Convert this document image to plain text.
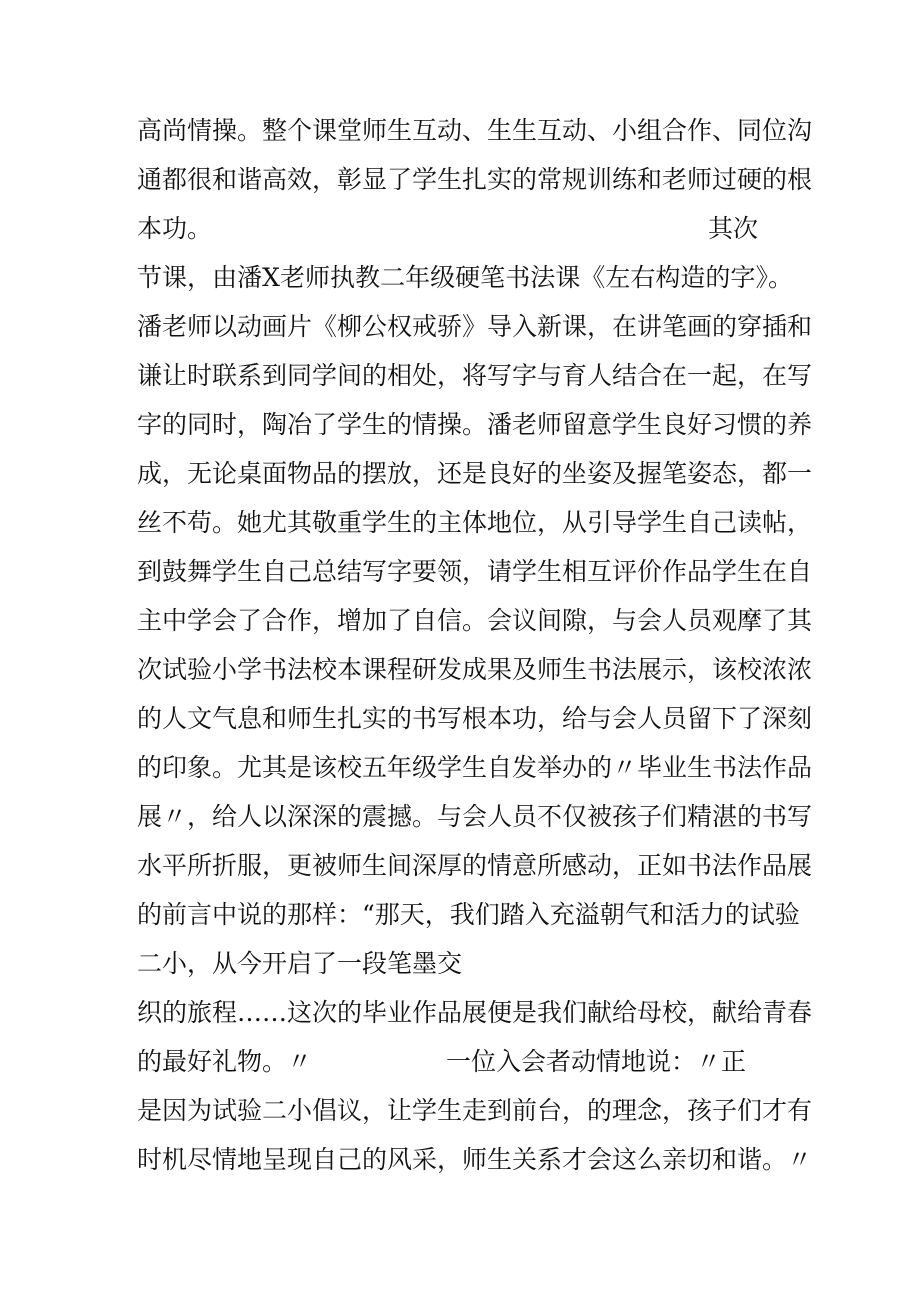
高尚情操。整个课堂师生互动、生生互动、小组合作、同位沟
通都很和谐高效，彰显了学生扎实的常规训练和老师过硬的根
本功。	其次
节课，由潘X老师执教二年级硬笔书法课《左右构造的字》。
潘老师以动画片《柳公权戒骄》导入新课，在讲笔画的穿插和
谦让时联系到同学间的相处，将写字与育人结合在一起，在写
字的同时，陶冶了学生的情操。潘老师留意学生良好习惯的养
成，无论桌面物品的摆放，还是良好的坐姿及握笔姿态，都一
丝不苟。她尤其敬重学生的主体地位，从引导学生自己读帖，
到鼓舞学生自己总结写字要领，请学生相互评价作品学生在自
主中学会了合作，增加了自信。会议间隙，与会人员观摩了其
次试验小学书法校本课程研发成果及师生书法展示，该校浓浓
的人文气息和师生扎实的书写根本功，给与会人员留下了深刻
的印象。尤其是该校五年级学生自发举办的〃毕业生书法作品
展〃，给人以深深的震撼。与会人员不仅被孩子们精湛的书写
水平所折服，更被师生间深厚的情意所感动，正如书法作品展
的前言中说的那样：“那天，我们踏入充溢朝气和活力的试验
二小，从今开启了一段笔墨交
织的旅程……这次的毕业作品展便是我们献给母校，献给青春
的最好礼物。〃	一位入会者动情地说：〃正
是因为试验二小倡议，让学生走到前台，的理念，孩子们才有
时机尽情地呈现自己的风采，师生关系才会这么亲切和谐。〃
